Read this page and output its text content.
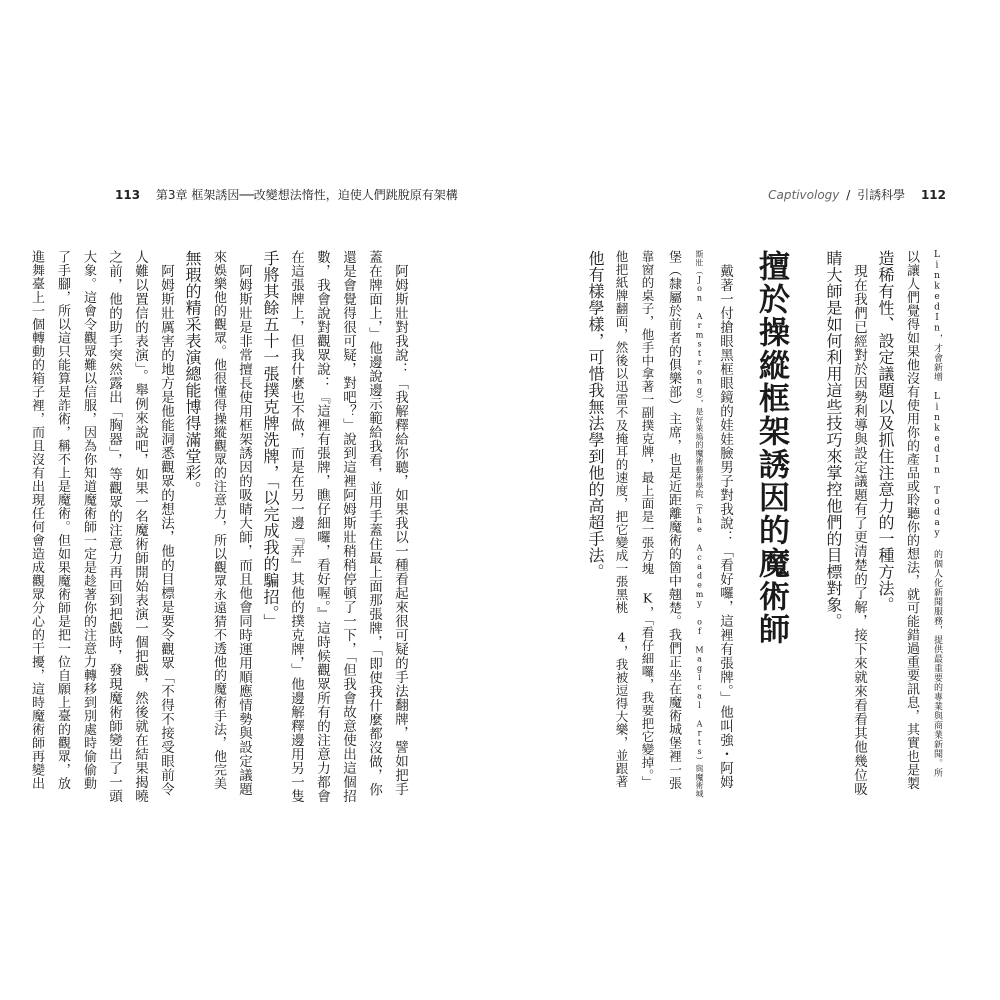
113 第3章 框架誘因──改變想法惰性，迫使人們跳脫原有架構	Captivology / 引誘科學 112
LinkedIn，才會新增 LinkedIn Today 的個人化新聞服務，提供最重要的專業與商業新聞。所
以讓人們覺得如果他沒有使用你的產品或聆聽你的想法，就可能錯過重要訊息，其實也是製
造稀有性、設定議題以及抓住注意力的一種方法。
　現在我們已經對於因勢利導與設定議題有了更清楚的了解，接下來就來看看其他幾位吸
睛大師是如何利用這些技巧來掌控他們的目標對象。
擅於操縱框架誘因的魔術師
　戴著一付搶眼黑框眼鏡的娃娃臉男子對我說：「看好囉，這裡有張牌。」他叫強・阿姆
斯壯（Jon Armstrong），是好萊塢的魔術藝術學院（The Academy of Magical Arts）與魔術城
堡（隸屬於前者的俱樂部）主席，也是近距離魔術的箇中翹楚。我們正坐在魔術城堡裡一張
靠窗的桌子，他手中拿著一副撲克牌，最上面是一張方塊 K，「看仔細囉，我要把它變掉。」
他把紙牌翻面，然後以迅雷不及掩耳的速度，把它變成一張黑桃 4，我被逗得大樂，並跟著
他有樣學樣，可惜我無法學到他的高超手法。
　阿姆斯壯對我說：「我解釋給你聽，如果我以一種看起來很可疑的手法翻牌，譬如把手
蓋在牌面上，」他邊說邊示範給我看，並用手蓋住最上面那張牌，「即使我什麼都沒做，你
還是會覺得很可疑，對吧？」說到這裡阿姆斯壯稍稍停頓了一下，「但我會故意使出這個招
數，我會說對觀眾說：『這裡有張牌，瞧仔細囉，看好喔。』這時候觀眾所有的注意力都會
在這張牌上，但我什麼也不做，而是在另一邊『弄』其他的撲克牌，」他邊解釋邊用另一隻
手將其餘五十一張撲克牌洗牌，「以完成我的騙招。」
　阿姆斯壯是非常擅長使用框架誘因的吸睛大師，而且他會同時運用順應情勢與設定議題
來娛樂他的觀眾。他很懂得操縱觀眾的注意力，所以觀眾永遠猜不透他的魔術手法，他完美
無瑕的精采表演總能博得滿堂彩。
　阿姆斯壯厲害的地方是他能洞悉觀眾的想法，他的目標是要令觀眾「不得不接受眼前令
人難以置信的表演」。舉例來說吧，如果一名魔術師開始表演一個把戲，然後就在結果揭曉
之前，他的助手突然露出「胸器」，等觀眾的注意力再回到把戲時，發現魔術師變出了一頭
大象。這會令觀眾難以信服，因為你知道魔術師一定是趁著你的注意力轉移到別處時偷偷動
了手腳，所以這只能算是詐術，稱不上是魔術。但如果魔術師是把一位自願上臺的觀眾，放
進舞臺上一個轉動的箱子裡，而且沒有出現任何會造成觀眾分心的干擾，這時魔術師再變出
